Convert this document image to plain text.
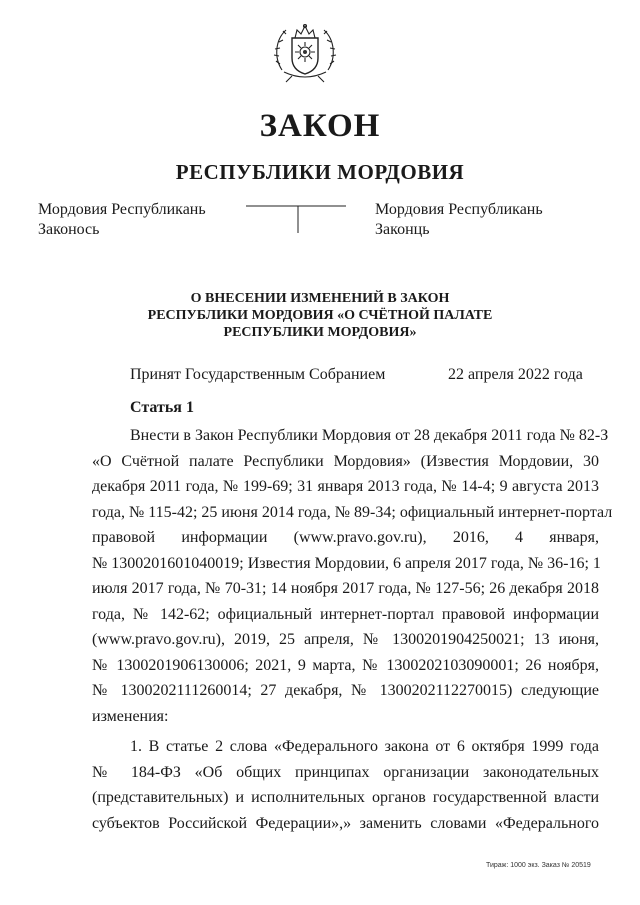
ЗАКОН
РЕСПУБЛИКИ МОРДОВИЯ
Мордовия Республикань
Законось
Мордовия Республикань
Законць
О ВНЕСЕНИИ ИЗМЕНЕНИЙ В ЗАКОН
РЕСПУБЛИКИ МОРДОВИЯ «О СЧЁТНОЙ ПАЛАТЕ
РЕСПУБЛИКИ МОРДОВИЯ»
Принят Государственным Собранием	22 апреля 2022 года
Статья 1
Внести в Закон Республики Мордовия от 28 декабря 2011 года № 82-З
«О Счётной палате Республики Мордовия» (Известия Мордовии, 30
декабря 2011 года, № 199-69; 31 января 2013 года, № 14-4; 9 августа 2013
года, № 115-42; 25 июня 2014 года, № 89-34; официальный интернет-портал
правовой информации (www.pravo.gov.ru), 2016, 4 января,
№ 1300201601040019; Известия Мордовии, 6 апреля 2017 года, № 36-16; 1
июля 2017 года, № 70-31; 14 ноября 2017 года, № 127-56; 26 декабря 2018
года, № 142-62; официальный интернет-портал правовой информации
(www.pravo.gov.ru), 2019, 25 апреля, № 1300201904250021; 13 июня,
№ 1300201906130006; 2021, 9 марта, № 1300202103090001; 26 ноября,
№ 1300202111260014; 27 декабря, № 1300202112270015) следующие
изменения:
1. В статье 2 слова «Федерального закона от 6 октября 1999 года
№ 184-ФЗ «Об общих принципах организации законодательных
(представительных) и исполнительных органов государственной власти
субъектов Российской Федерации»,» заменить словами «Федерального
Тираж: 1000 экз. Заказ № 20519
